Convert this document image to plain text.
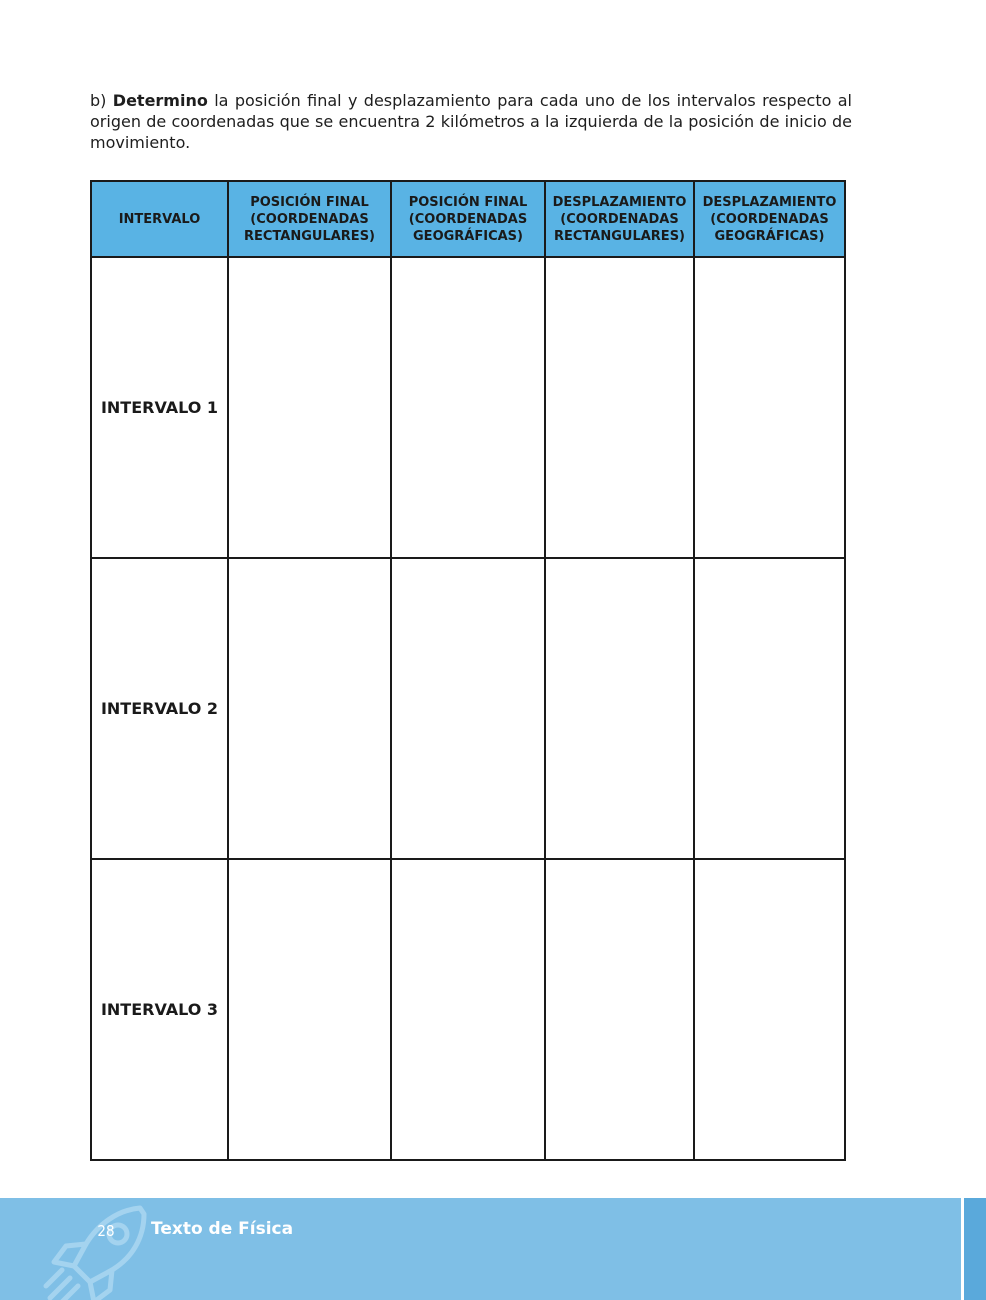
b) Determino la posición final y desplazamiento para cada uno de los intervalos respecto al origen de coordenadas que se encuentra 2 kilómetros a la izquierda de la posición de inicio de movimiento.

INTERVALO	POSICIÓN FINAL
(COORDENADAS
RECTANGULARES)	POSICIÓN FINAL
(COORDENADAS
GEOGRÁFICAS)	DESPLAZAMIENTO
(COORDENADAS
RECTANGULARES)	DESPLAZAMIENTO
(COORDENADAS
GEOGRÁFICAS)

INTERVALO 1				
INTERVALO 2				
INTERVALO 3				
28 Texto de Física
